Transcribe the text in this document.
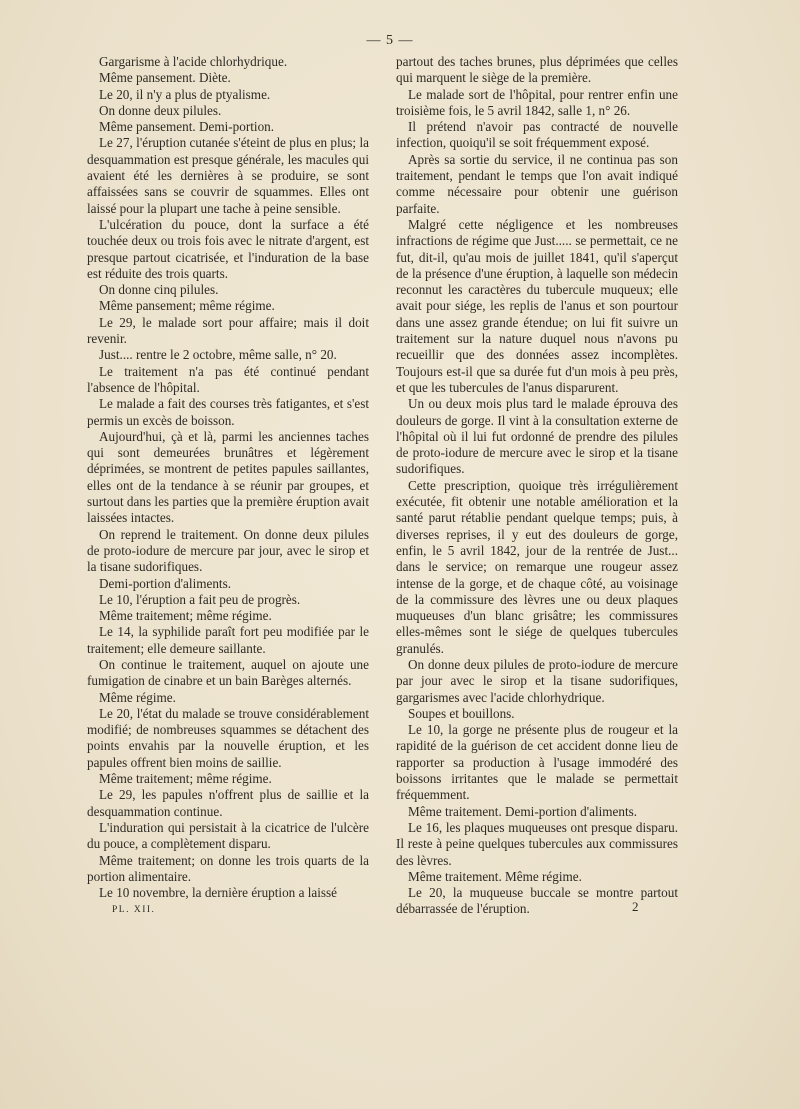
— 5 —

Gargarisme à l'acide chlorhydrique.

Même pansement. Diète.

Le 20, il n'y a plus de ptyalisme.

On donne deux pilules.

Même pansement. Demi-portion.

Le 27, l'éruption cutanée s'éteint de plus en plus; la desquammation est presque générale, les macules qui avaient été les dernières à se produire, se sont affaissées sans se couvrir de squammes. Elles ont laissé pour la plupart une tache à peine sensible.

L'ulcération du pouce, dont la surface a été touchée deux ou trois fois avec le nitrate d'argent, est presque partout cicatrisée, et l'induration de la base est réduite des trois quarts.

On donne cinq pilules.

Même pansement; même régime.

Le 29, le malade sort pour affaire; mais il doit revenir.

Just.... rentre le 2 octobre, même salle, n° 20.

Le traitement n'a pas été continué pendant l'absence de l'hôpital.

Le malade a fait des courses très fatigantes, et s'est permis un excès de boisson.

Aujourd'hui, çà et là, parmi les anciennes taches qui sont demeurées brunâtres et légèrement déprimées, se montrent de petites papules saillantes, elles ont de la tendance à se réunir par groupes, et surtout dans les parties que la première éruption avait laissées intactes.

On reprend le traitement. On donne deux pilules de proto-iodure de mercure par jour, avec le sirop et la tisane sudorifiques.

Demi-portion d'aliments.

Le 10, l'éruption a fait peu de progrès.

Même traitement; même régime.

Le 14, la syphilide paraît fort peu modifiée par le traitement; elle demeure saillante.

On continue le traitement, auquel on ajoute une fumigation de cinabre et un bain Barèges alternés.

Même régime.

Le 20, l'état du malade se trouve considérablement modifié; de nombreuses squammes se détachent des points envahis par la nouvelle éruption, et les papules offrent bien moins de saillie.

Même traitement; même régime.

Le 29, les papules n'offrent plus de saillie et la desquammation continue.

L'induration qui persistait à la cicatrice de l'ulcère du pouce, a complètement disparu.

Même traitement; on donne les trois quarts de la portion alimentaire.

Le 10 novembre, la dernière éruption a laissé

partout des taches brunes, plus déprimées que celles qui marquent le siège de la première.

Le malade sort de l'hôpital, pour rentrer enfin une troisième fois, le 5 avril 1842, salle 1, n° 26.

Il prétend n'avoir pas contracté de nouvelle infection, quoiqu'il se soit fréquemment exposé.

Après sa sortie du service, il ne continua pas son traitement, pendant le temps que l'on avait indiqué comme nécessaire pour obtenir une guérison parfaite.

Malgré cette négligence et les nombreuses infractions de régime que Just..... se permettait, ce ne fut, dit-il, qu'au mois de juillet 1841, qu'il s'aperçut de la présence d'une éruption, à laquelle son médecin reconnut les caractères du tubercule muqueux; elle avait pour siége, les replis de l'anus et son pourtour dans une assez grande étendue; on lui fit suivre un traitement sur la nature duquel nous n'avons pu recueillir que des données assez incomplètes. Toujours est-il que sa durée fut d'un mois à peu près, et que les tubercules de l'anus disparurent.

Un ou deux mois plus tard le malade éprouva des douleurs de gorge. Il vint à la consultation externe de l'hôpital où il lui fut ordonné de prendre des pilules de proto-iodure de mercure avec le sirop et la tisane sudorifiques.

Cette prescription, quoique très irrégulièrement exécutée, fit obtenir une notable amélioration et la santé parut rétablie pendant quelque temps; puis, à diverses reprises, il y eut des douleurs de gorge, enfin, le 5 avril 1842, jour de la rentrée de Just... dans le service; on remarque une rougeur assez intense de la gorge, et de chaque côté, au voisinage de la commissure des lèvres une ou deux plaques muqueuses d'un blanc grisâtre; les commissures elles-mêmes sont le siége de quelques tubercules granulés.

On donne deux pilules de proto-iodure de mercure par jour avec le sirop et la tisane sudorifiques, gargarismes avec l'acide chlorhydrique.

Soupes et bouillons.

Le 10, la gorge ne présente plus de rougeur et la rapidité de la guérison de cet accident donne lieu de rapporter sa production à l'usage immodéré des boissons irritantes que le malade se permettait fréquemment.

Même traitement. Demi-portion d'aliments.

Le 16, les plaques muqueuses ont presque disparu. Il reste à peine quelques tubercules aux commissures des lèvres.

Même traitement. Même régime.

Le 20, la muqueuse buccale se montre partout débarrassée de l'éruption.

PL. XII.	2
